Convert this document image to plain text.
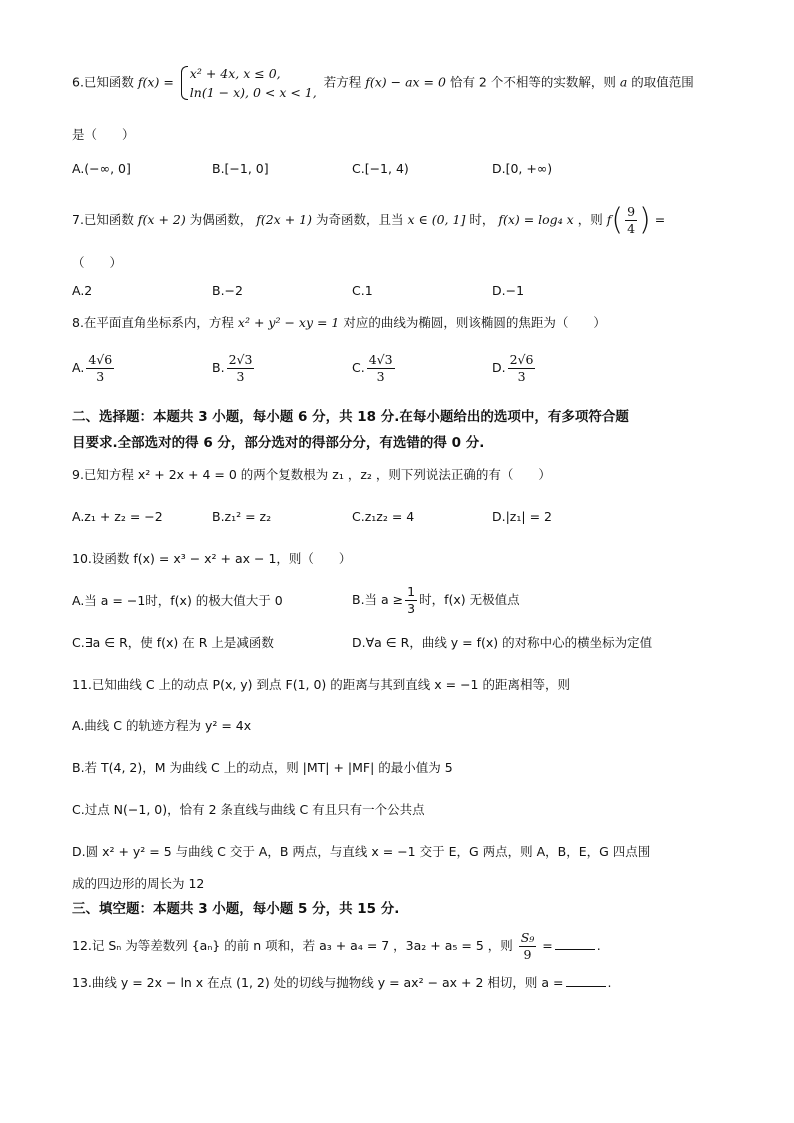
6.已知函数 f(x) =
x² + 4x, x ≤ 0,
ln(1 − x), 0 < x < 1,
若方程 f(x) − ax = 0 恰有 2 个不相等的实数解，则 a 的取值范围
是（　　）
A.(−∞, 0]	B.[−1, 0]	C.[−1, 4)	D.[0, +∞)
7.已知函数 f(x + 2) 为偶函数， f(2x + 1) 为奇函数，且当 x ∈ (0, 1] 时， f(x) = log₄ x ，则 $f( \frac{9}{4}$ ) =
（　　）
A.2	B.−2	C.1	D.−1
8.在平面直角坐标系内，方程 x² + y² − xy = 1 对应的曲线为椭圆，则该椭圆的焦距为（　　）
A. $\frac{4√6}{3}$	B. $\frac{2√3}{3}$	C. $\frac{4√3}{3}$	D. $\frac{2√6}{3}$
二、选择题：本题共 3 小题，每小题 6 分，共 18 分.在每小题给出的选项中，有多项符合题
目要求.全部选对的得 6 分，部分选对的得部分分，有选错的得 0 分.
9.已知方程 x² + 2x + 4 = 0 的两个复数根为 z₁ ，z₂ ，则下列说法正确的有（　　）
A.z₁ + z₂ = −2	B.z₁² = z₂	C.z₁z₂ = 4	D.|z₁| = 2
10.设函数 f(x) = x³ − x² + ax − 1，则（　　）
A.当 a = −1时，f(x) 的极大值大于 0	B.当 $a \ge \frac{1}{3}$ 时，f(x) 无极值点
C.∃a ∈ R，使 f(x) 在 R 上是减函数	D.∀a ∈ R，曲线 y = f(x) 的对称中心的横坐标为定值
11.已知曲线 C 上的动点 P(x, y) 到点 F(1, 0) 的距离与其到直线 x = −1 的距离相等，则
A.曲线 C 的轨迹方程为 y² = 4x
B.若 T(4, 2)，M 为曲线 C 上的动点，则 |MT| + |MF| 的最小值为 5
C.过点 N(−1, 0)，恰有 2 条直线与曲线 C 有且只有一个公共点
D.圆 x² + y² = 5 与曲线 C 交于 A，B 两点，与直线 x = −1 交于 E，G 两点，则 A，B，E，G 四点围
成的四边形的周长为 12
三、填空题：本题共 3 小题，每小题 5 分，共 15 分.
12.记 Sₙ 为等差数列 {aₙ} 的前 n 项和，若 a₃ + a₄ = 7 ，3a₂ + a₅ = 5 ，则 $\frac{\text{S₉}}{9}$ =	.
13.曲线 y = 2x − ln x 在点 (1, 2) 处的切线与抛物线 y = ax² − ax + 2 相切，则 a =	.
